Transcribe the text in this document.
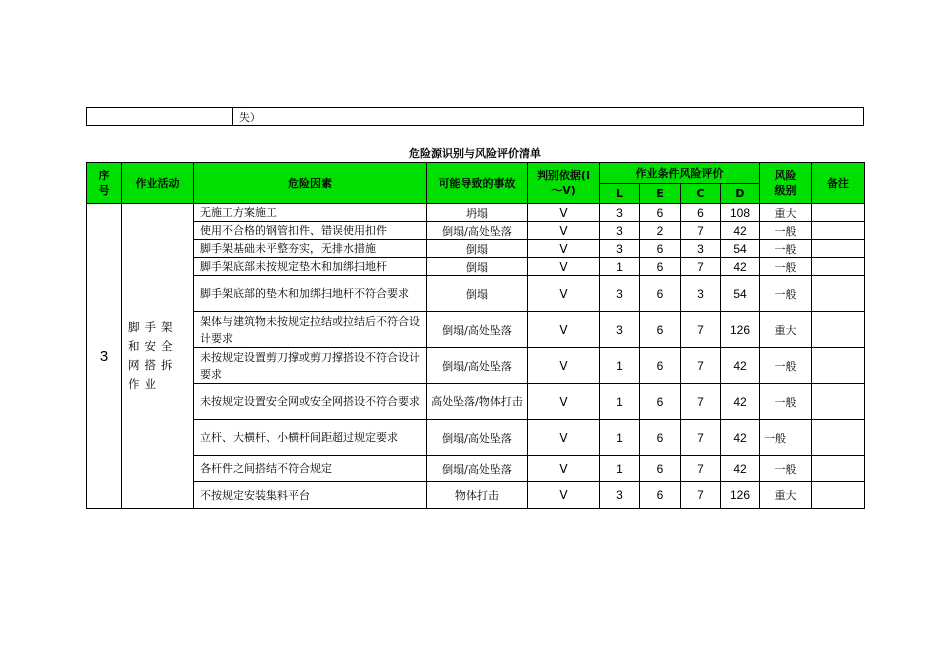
	失）
危险源识别与风险评价清单
序号	作业活动	危险因素	可能导致的事故	判别依据(Ⅰ～Ⅴ)	作业条件风险评价				风险级别	备注
					L	E	C	D		
3	脚手架和安全网搭拆作业	无施工方案施工	坍塌	Ⅴ	3	6	6	108	重大	
		使用不合格的钢管扣件、错误使用扣件	倒塌/高处坠落	Ⅴ	3	2	7	42	一般	
		脚手架基础未平整夯实，无排水措施	倒塌	Ⅴ	3	6	3	54	一般	
		脚手架底部未按规定垫木和加绑扫地杆	倒塌	Ⅴ	1	6	7	42	一般	
		脚手架底部的垫木和加绑扫地杆不符合要求	倒塌	Ⅴ	3	6	3	54	一般	
		架体与建筑物未按规定拉结或拉结后不符合设计要求	倒塌/高处坠落	Ⅴ	3	6	7	126	重大	
		未按规定设置剪刀撑或剪刀撑搭设不符合设计要求	倒塌/高处坠落	Ⅴ	1	6	7	42	一般	
		未按规定设置安全网或安全网搭设不符合要求	高处坠落/物体打击	Ⅴ	1	6	7	42	一般	
		立杆、大横杆、小横杆间距超过规定要求	倒塌/高处坠落	Ⅴ	1	6	7	42	一般	
		各杆件之间搭结不符合规定	倒塌/高处坠落	Ⅴ	1	6	7	42	一般	
		不按规定安装集料平台	物体打击	Ⅴ	3	6	7	126	重大	
